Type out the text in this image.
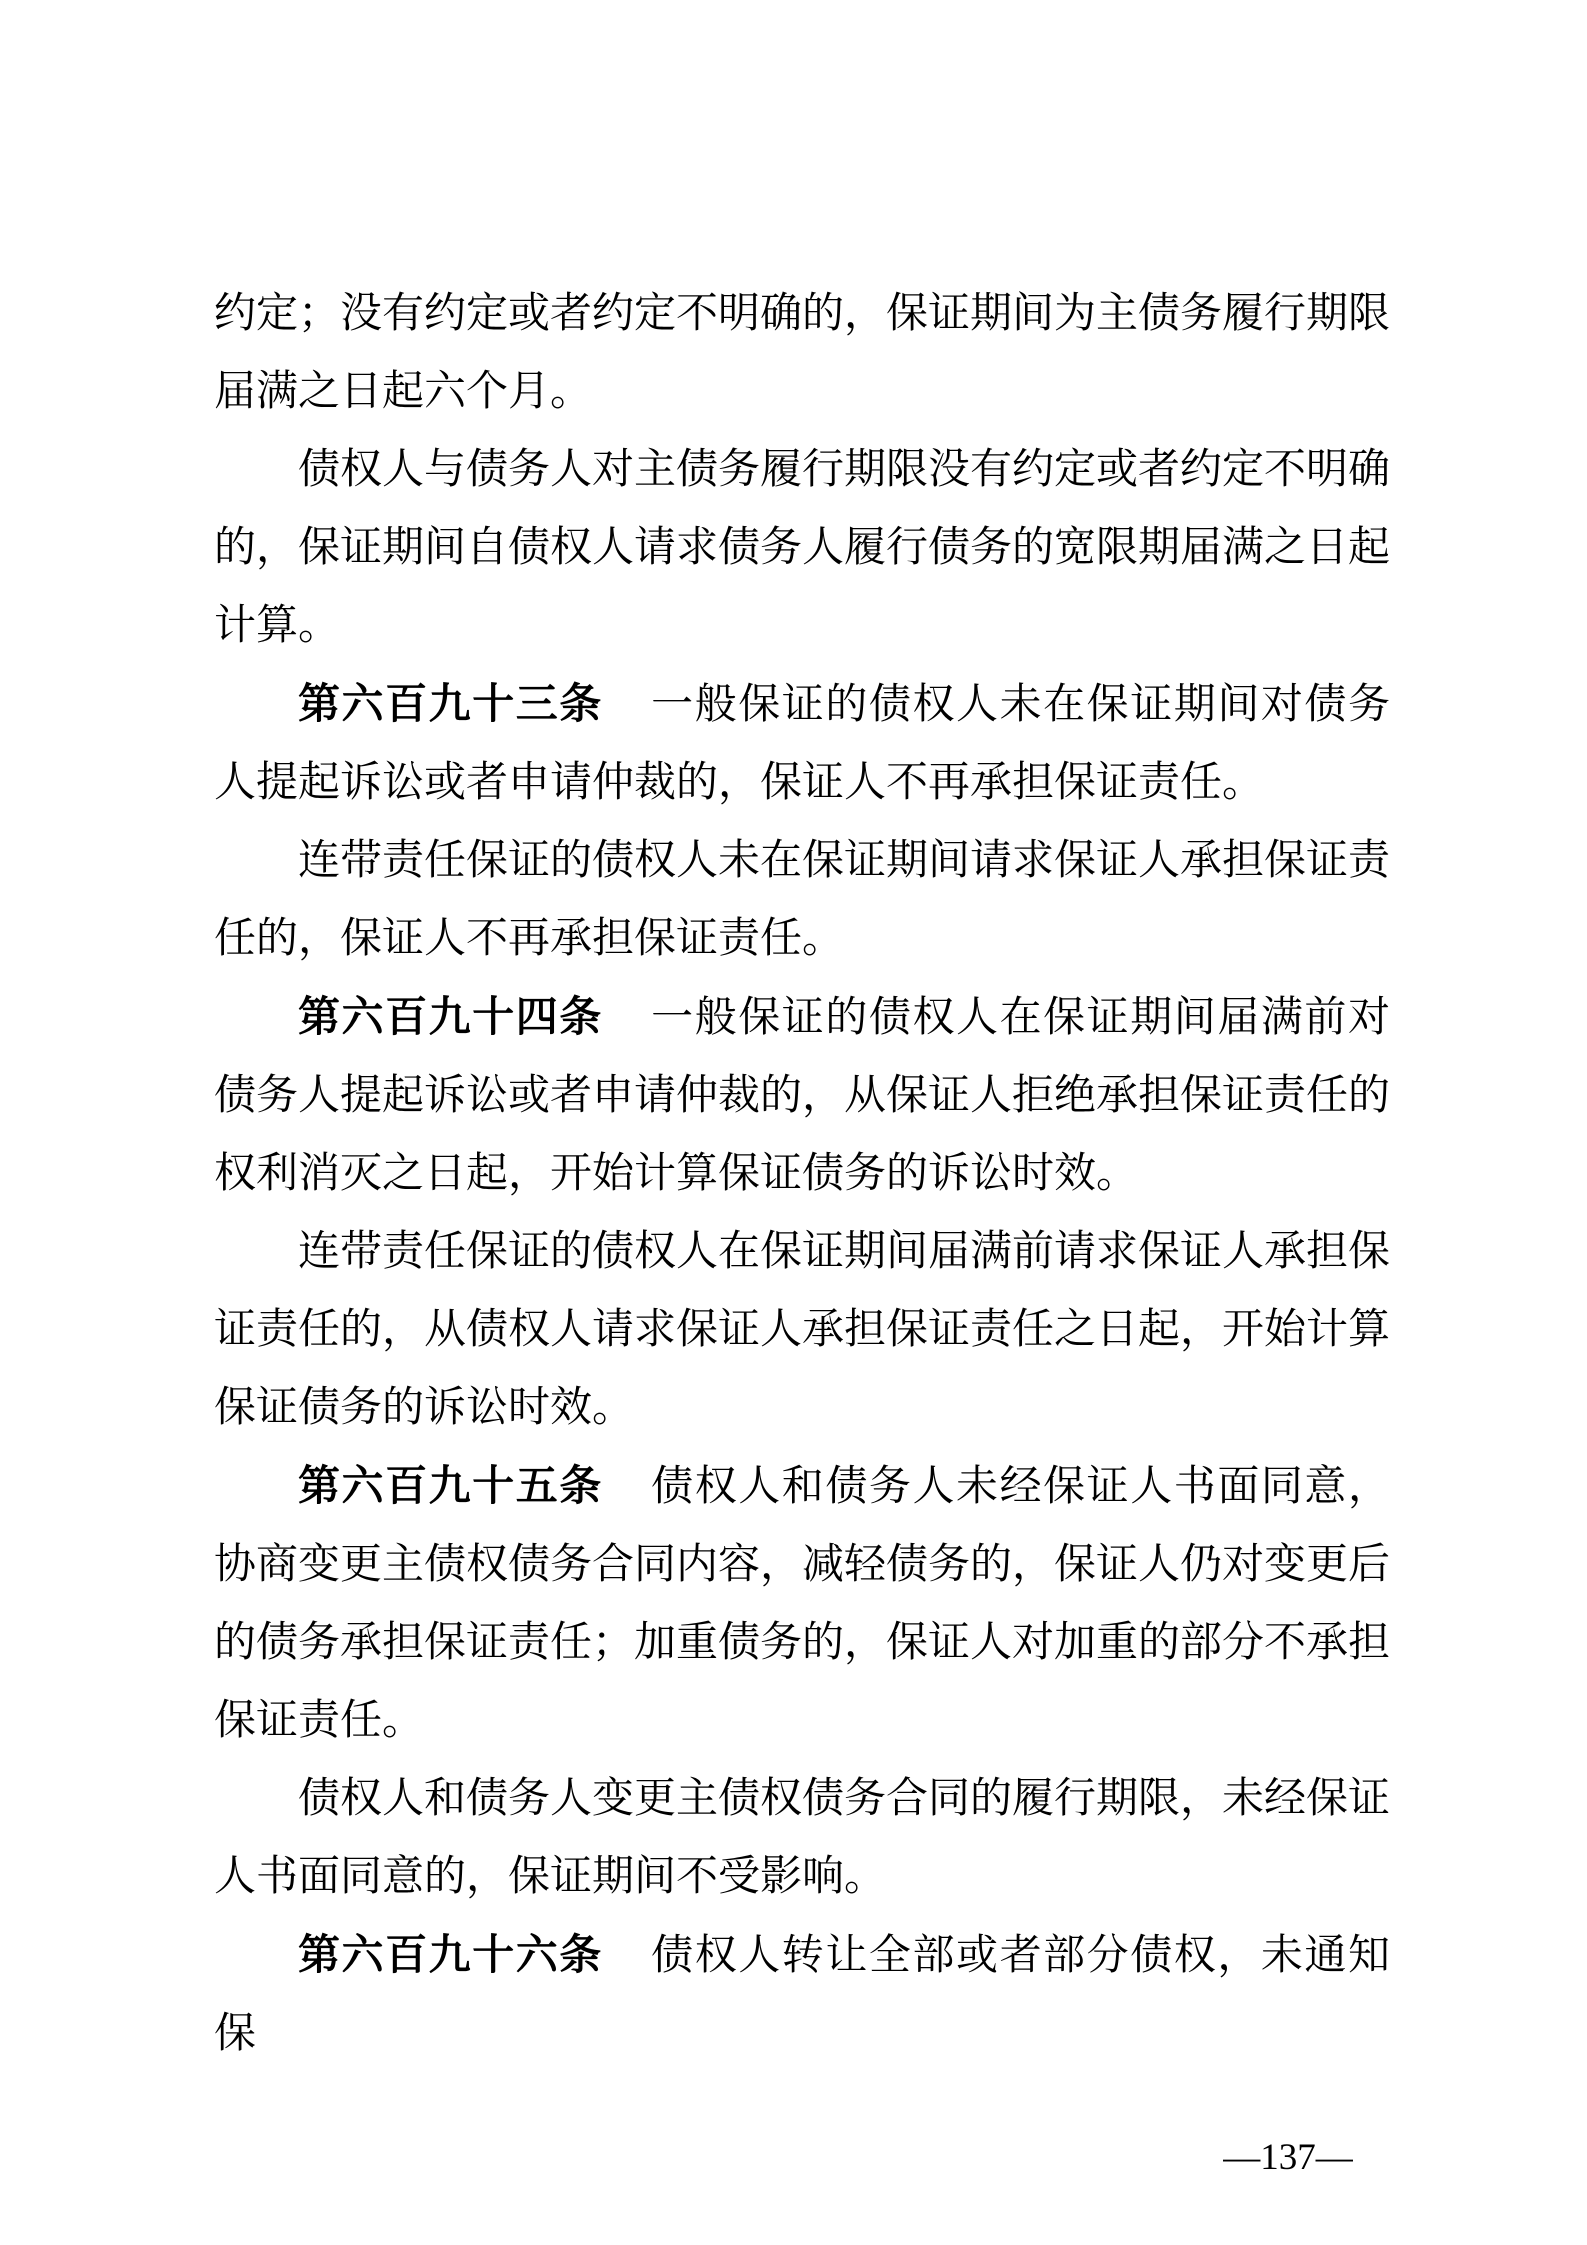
约定；没有约定或者约定不明确的，保证期间为主债务履行期限届满之日起六个月。

债权人与债务人对主债务履行期限没有约定或者约定不明确的，保证期间自债权人请求债务人履行债务的宽限期届满之日起计算。

第六百九十三条 一般保证的债权人未在保证期间对债务人提起诉讼或者申请仲裁的，保证人不再承担保证责任。

连带责任保证的债权人未在保证期间请求保证人承担保证责任的，保证人不再承担保证责任。

第六百九十四条 一般保证的债权人在保证期间届满前对债务人提起诉讼或者申请仲裁的，从保证人拒绝承担保证责任的权利消灭之日起，开始计算保证债务的诉讼时效。

连带责任保证的债权人在保证期间届满前请求保证人承担保证责任的，从债权人请求保证人承担保证责任之日起，开始计算保证债务的诉讼时效。

第六百九十五条 债权人和债务人未经保证人书面同意，协商变更主债权债务合同内容，减轻债务的，保证人仍对变更后的债务承担保证责任；加重债务的，保证人对加重的部分不承担保证责任。

债权人和债务人变更主债权债务合同的履行期限，未经保证人书面同意的，保证期间不受影响。

第六百九十六条 债权人转让全部或者部分债权，未通知保

—137—
